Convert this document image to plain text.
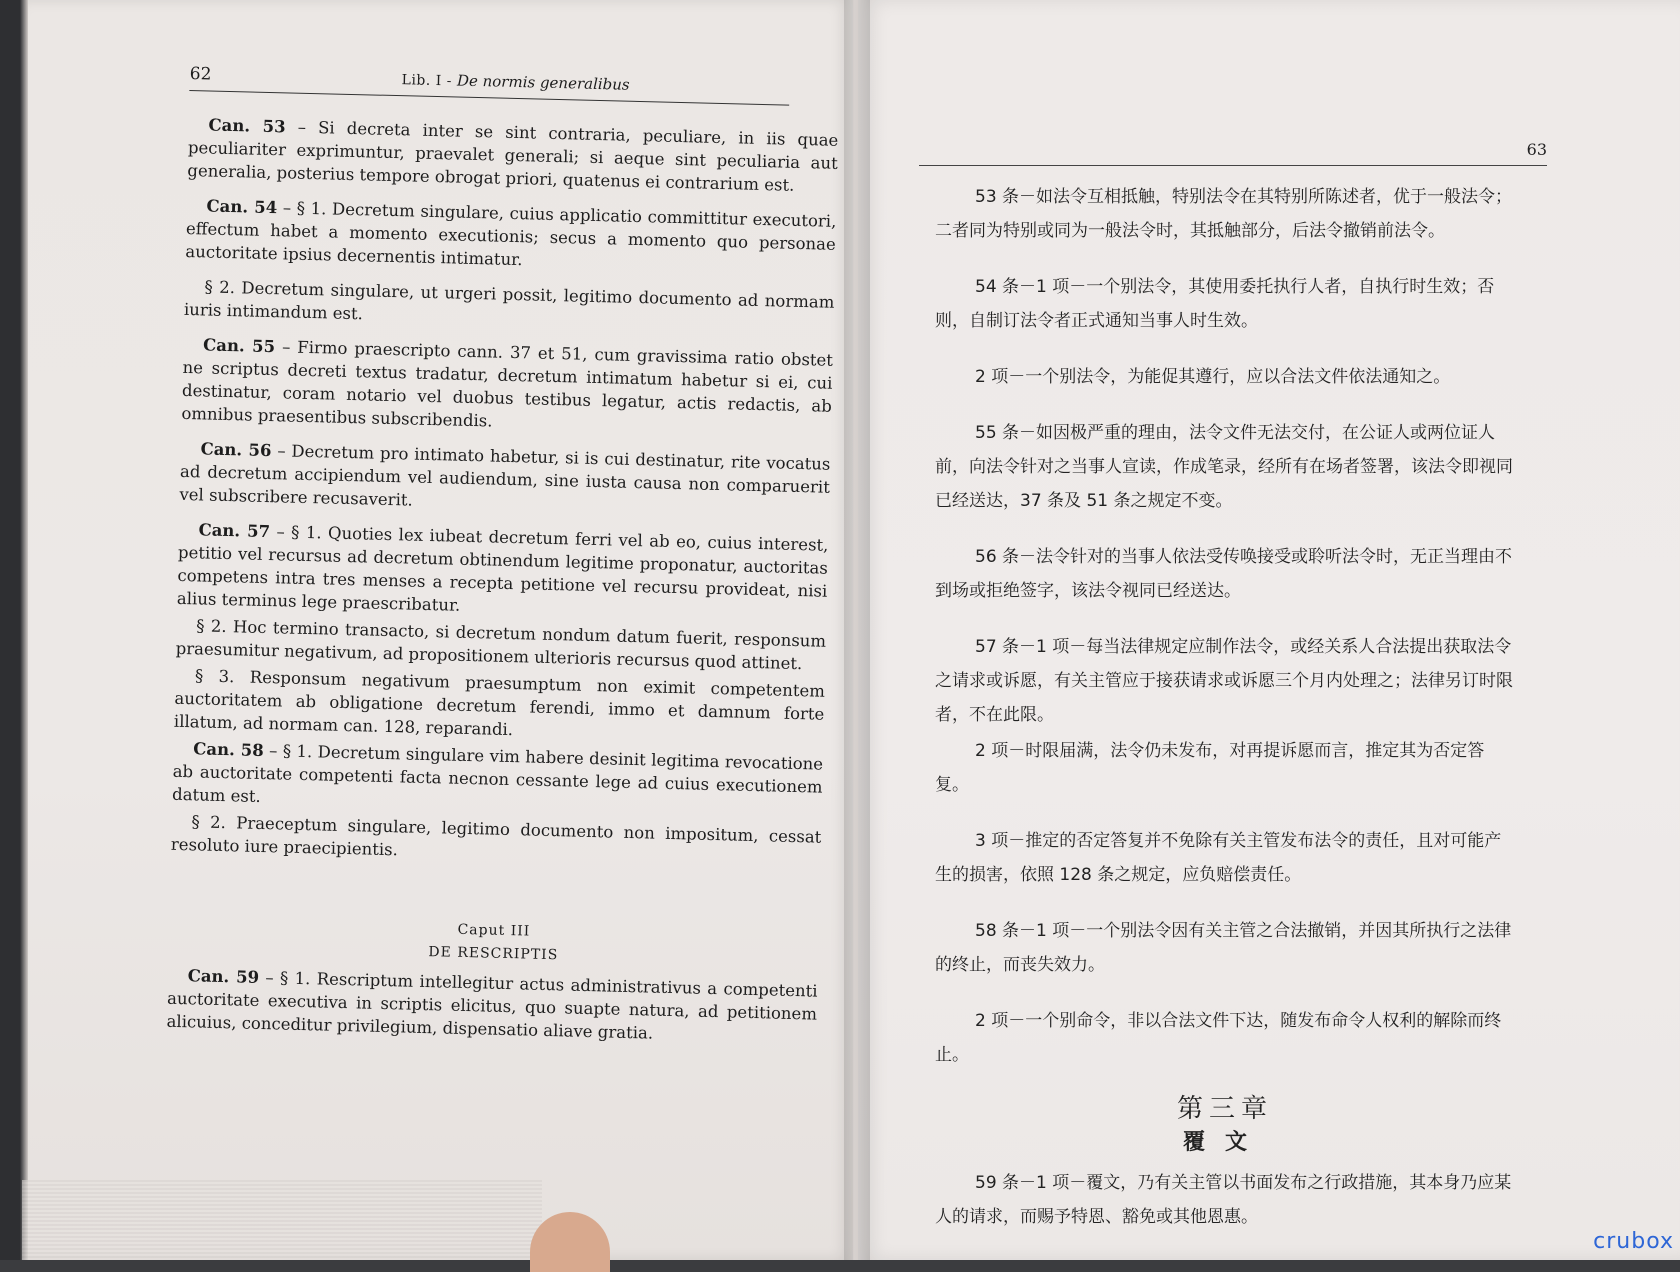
62	Lib. I - De normis generalibus

Can. 53 – Si decreta inter se sint contraria, peculiare, in iis quae peculiariter exprimuntur, praevalet generali; si aeque sint peculiaria aut generalia, posterius tempore obrogat priori, quatenus ei contrarium est.

Can. 54 – § 1. Decretum singulare, cuius applicatio committitur executori, effectum habet a momento executionis; secus a momento quo personae auctoritate ipsius decernentis intimatur.

§ 2. Decretum singulare, ut urgeri possit, legitimo documento ad normam iuris intimandum est.

Can. 55 – Firmo praescripto cann. 37 et 51, cum gravissima ratio obstet ne scriptus decreti textus tradatur, decretum intimatum habetur si ei, cui destinatur, coram notario vel duobus testibus legatur, actis redactis, ab omnibus praesentibus subscribendis.

Can. 56 – Decretum pro intimato habetur, si is cui destinatur, rite vocatus ad decretum accipiendum vel audiendum, sine iusta causa non comparuerit vel subscribere recusaverit.

Can. 57 – § 1. Quoties lex iubeat decretum ferri vel ab eo, cuius interest, petitio vel recursus ad decretum obtinendum legitime proponatur, auctoritas competens intra tres menses a recepta petitione vel recursu provideat, nisi alius terminus lege praescribatur.

§ 2. Hoc termino transacto, si decretum nondum datum fuerit, responsum praesumitur negativum, ad propositionem ulterioris recursus quod attinet.

§ 3. Responsum negativum praesumptum non eximit competentem auctoritatem ab obligatione decretum ferendi, immo et damnum forte illatum, ad normam can. 128, reparandi.

Can. 58 – § 1. Decretum singulare vim habere desinit legitima revocatione ab auctoritate competenti facta necnon cessante lege ad cuius executionem datum est.

§ 2. Praeceptum singulare, legitimo documento non impositum, cessat resoluto iure praecipientis.

Caput III
DE RESCRIPTIS

Can. 59 – § 1. Rescriptum intellegitur actus administrativus a competenti auctoritate executiva in scriptis elicitus, quo suapte natura, ad petitionem alicuius, conceditur privilegium, dispensatio aliave gratia.

63

53 条－如法令互相抵触，特别法令在其特别所陈述者，优于一般法令；二者同为特别或同为一般法令时，其抵触部分，后法令撤销前法令。

54 条－1 项－一个别法令，其使用委托执行人者，自执行时生效；否则，自制订法令者正式通知当事人时生效。

2 项－一个别法令，为能促其遵行，应以合法文件依法通知之。

55 条－如因极严重的理由，法令文件无法交付，在公证人或两位证人前，向法令针对之当事人宣读，作成笔录，经所有在场者签署，该法令即视同已经送达，37 条及 51 条之规定不变。

56 条－法令针对的当事人依法受传唤接受或聆听法令时，无正当理由不到场或拒绝签字，该法令视同已经送达。

57 条－1 项－每当法律规定应制作法令，或经关系人合法提出获取法令之请求或诉愿，有关主管应于接获请求或诉愿三个月内处理之；法律另订时限者，不在此限。

2 项－时限届满，法令仍未发布，对再提诉愿而言，推定其为否定答复。

3 项－推定的否定答复并不免除有关主管发布法令的责任，且对可能产生的损害，依照 128 条之规定，应负赔偿责任。

58 条－1 项－一个别法令因有关主管之合法撤销，并因其所执行之法律的终止，而丧失效力。

2 项－一个别命令，非以合法文件下达，随发布命令人权利的解除而终止。

第三章
覆文

59 条－1 项－覆文，乃有关主管以书面发布之行政措施，其本身乃应某人的请求，而赐予特恩、豁免或其他恩惠。

crubox
